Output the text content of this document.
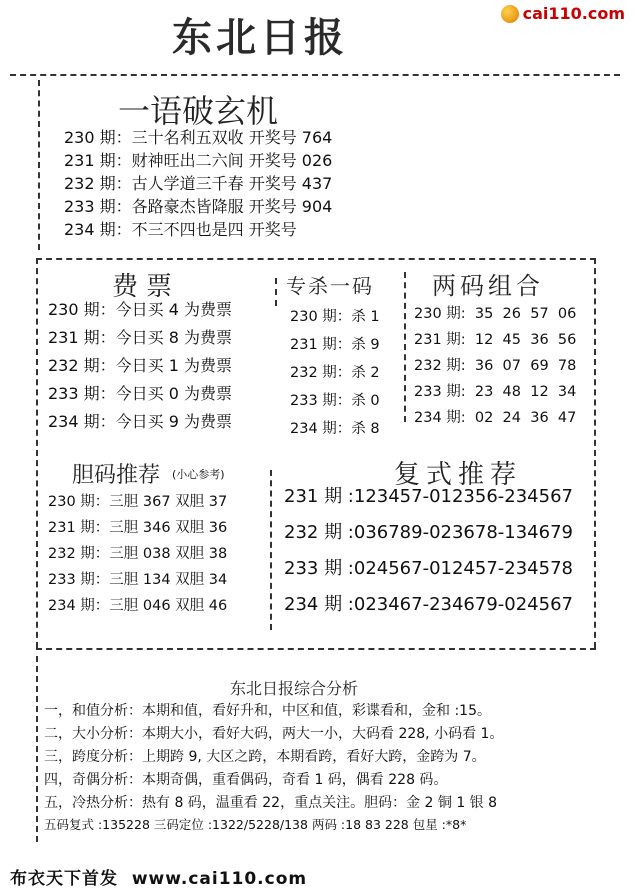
东北日报
cai110.com
一语破玄机
230 期：三十名利五双收 开奖号 764
231 期：财神旺出二六间 开奖号 026
232 期：古人学道三千春 开奖号 437
233 期：各路豪杰皆降服 开奖号 904
234 期：不三不四也是四 开奖号
费票
230 期：今日买 4 为费票
231 期：今日买 8 为费票
232 期：今日买 1 为费票
233 期：今日买 0 为费票
234 期：今日买 9 为费票
专杀一码
230 期：杀 1
231 期：杀 9
232 期：杀 2
233 期：杀 0
234 期：杀 8
两码组合
230 期:  35  26  57  06
231 期:  12  45  36  56
232 期:  36  07  69  78
233 期:  23  48  12  34
234 期:  02  24  36  47
胆码推荐 (小心参考)
230 期：三胆 367 双胆 37
231 期：三胆 346 双胆 36
232 期：三胆 038 双胆 38
233 期：三胆 134 双胆 34
234 期：三胆 046 双胆 46
复式推荐
231 期 :123457-012356-234567
232 期 :036789-023678-134679
233 期 :024567-012457-234578
234 期 :023467-234679-024567
东北日报综合分析
一，和值分析：本期和值，看好升和，中区和值，彩谍看和，金和 :15。
二，大小分析：本期大小，看好大码，两大一小，大码看 228, 小码看 1。
三，跨度分析：上期跨 9, 大区之跨，本期看跨，看好大跨，金跨为 7。
四，奇偶分析：本期奇偶，重看偶码，奇看 1 码，偶看 228 码。
五，冷热分析：热有 8 码，温重看 22，重点关注。胆码：金 2 铜 1 银 8
五码复式 :135228 三码定位 :1322/5228/138 两码 :18 83 228 包星 :*8*
布衣天下首发  www.cai110.com
